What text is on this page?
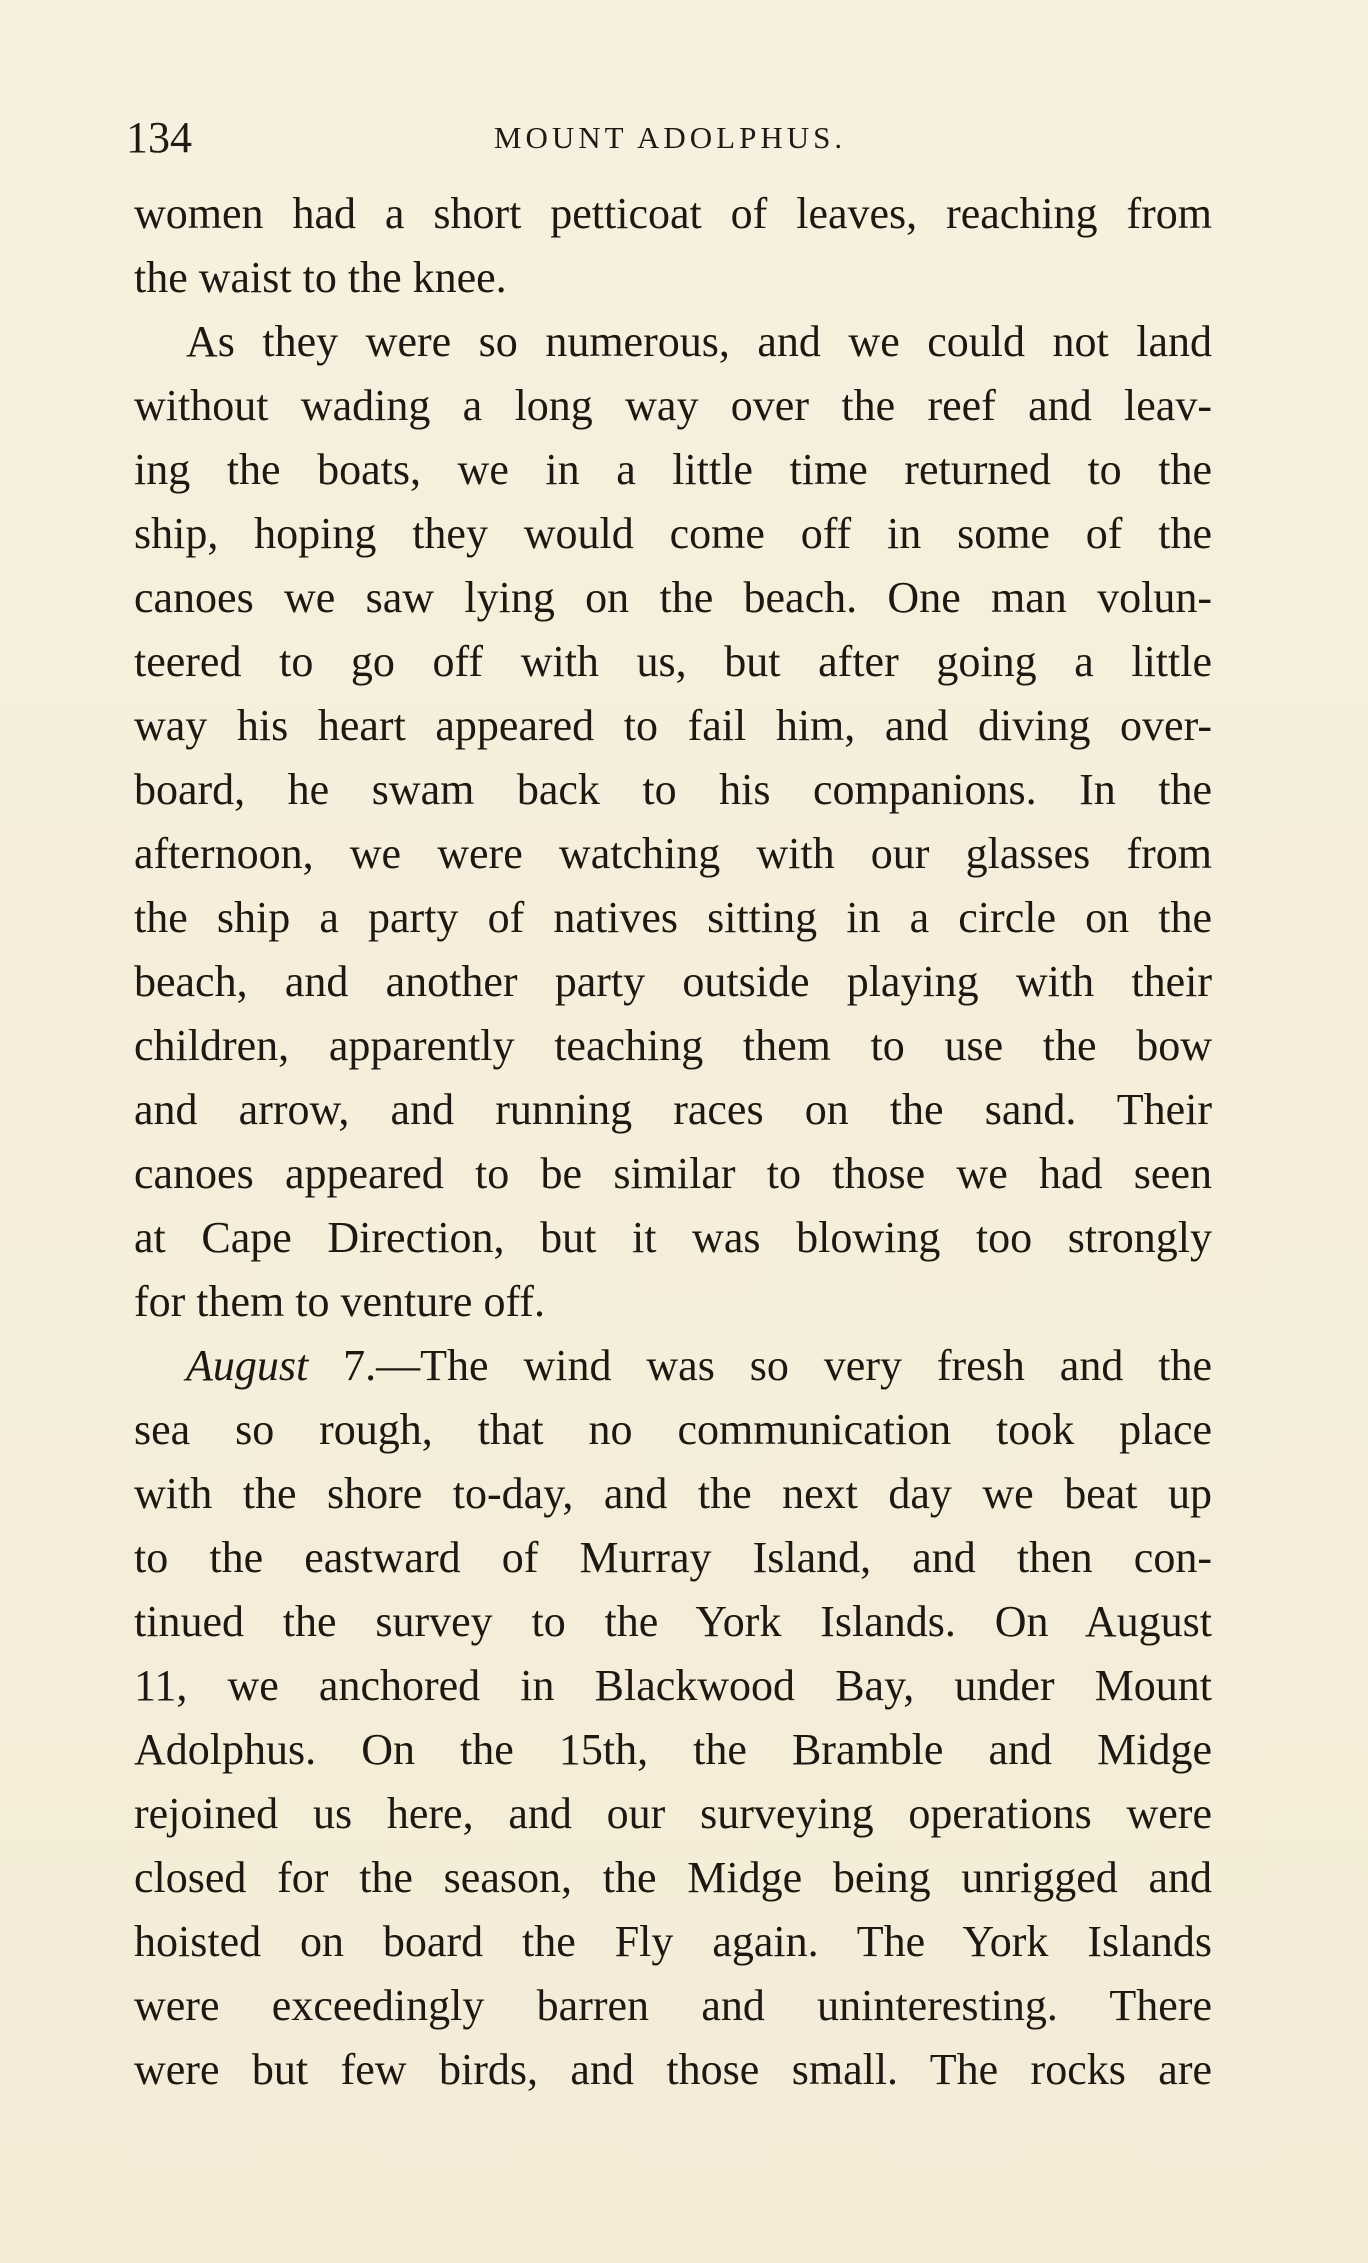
134	MOUNT ADOLPHUS.
women had a short petticoat of leaves, reaching from
the waist to the knee.
As they were so numerous, and we could not land
without wading a long way over the reef and leav-
ing the boats, we in a little time returned to the
ship, hoping they would come off in some of the
canoes we saw lying on the beach. One man volun-
teered to go off with us, but after going a little
way his heart appeared to fail him, and diving over-
board, he swam back to his companions. In the
afternoon, we were watching with our glasses from
the ship a party of natives sitting in a circle on the
beach, and another party outside playing with their
children, apparently teaching them to use the bow
and arrow, and running races on the sand. Their
canoes appeared to be similar to those we had seen
at Cape Direction, but it was blowing too strongly
for them to venture off.
August 7.—The wind was so very fresh and the
sea so rough, that no communication took place
with the shore to-day, and the next day we beat up
to the eastward of Murray Island, and then con-
tinued the survey to the York Islands. On August
11, we anchored in Blackwood Bay, under Mount
Adolphus. On the 15th, the Bramble and Midge
rejoined us here, and our surveying operations were
closed for the season, the Midge being unrigged and
hoisted on board the Fly again. The York Islands
were exceedingly barren and uninteresting. There
were but few birds, and those small. The rocks are
